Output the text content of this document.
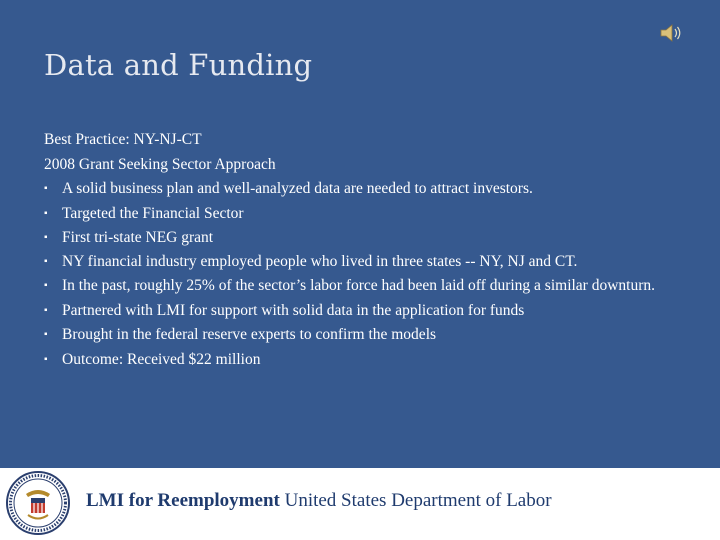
Data and Funding

Best Practice: NY-NJ-CT

2008 Grant Seeking Sector Approach

▪ A solid business plan and well-analyzed data are needed to attract investors.
▪ Targeted the Financial Sector
▪ First tri-state NEG grant
▪ NY financial industry employed people who lived in three states -- NY, NJ and CT.
▪ In the past, roughly 25% of the sector’s labor force had been laid off during a similar downturn.
▪ Partnered with LMI for support with solid data in the application for funds
▪ Brought in the federal reserve experts to confirm the models
▪ Outcome: Received $22 million
LMI for Reemployment United States Department of Labor
